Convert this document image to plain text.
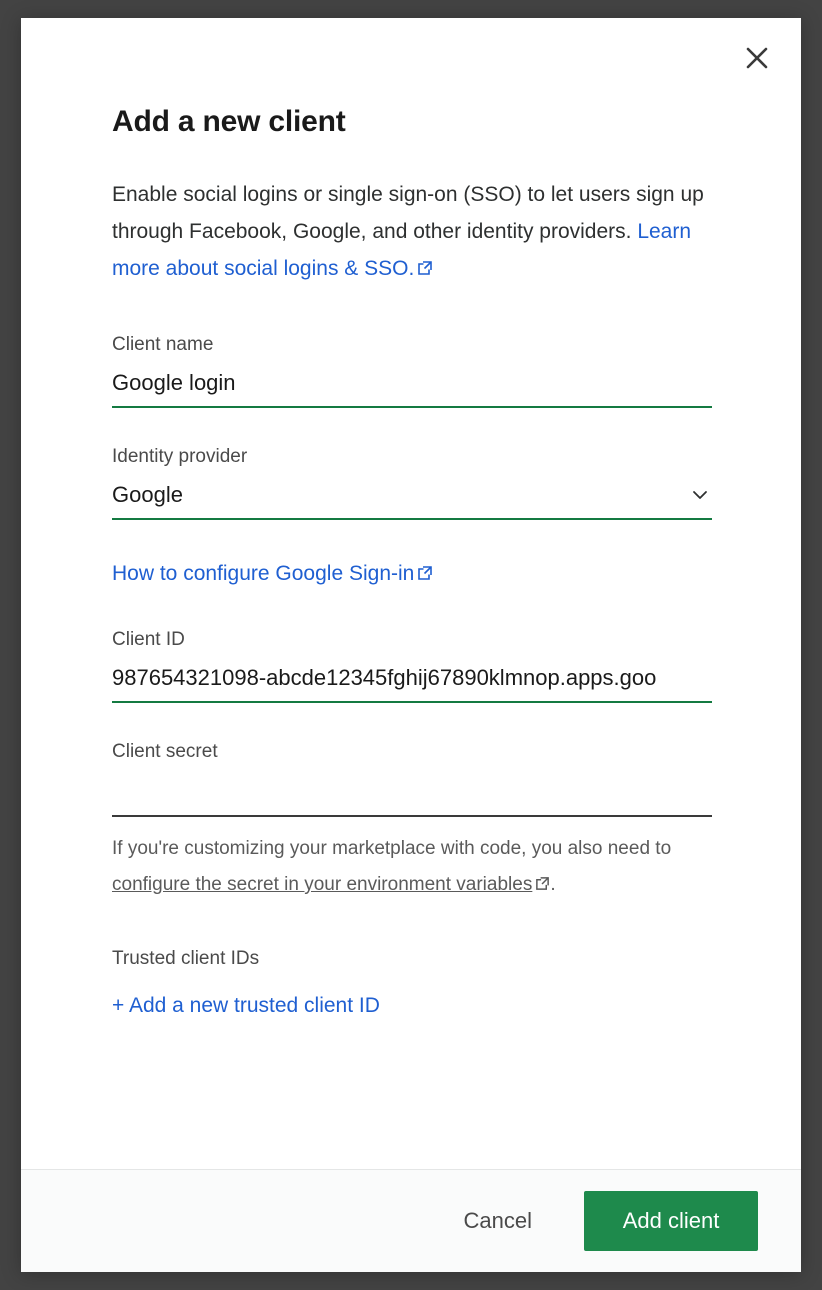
Add a new client

Enable social logins or single sign-on (SSO) to let users sign up through Facebook, Google, and other identity providers. Learn more about social logins & SSO.

Client name
Google login
Identity provider
Google
How to configure Google Sign-in
Client ID
987654321098-abcde12345fghij67890klmnop.apps.goo
Client secret

If you're customizing your marketplace with code, you also need to configure the secret in your environment variables .

Trusted client IDs
+ Add a new trusted client ID
Cancel	Add client
